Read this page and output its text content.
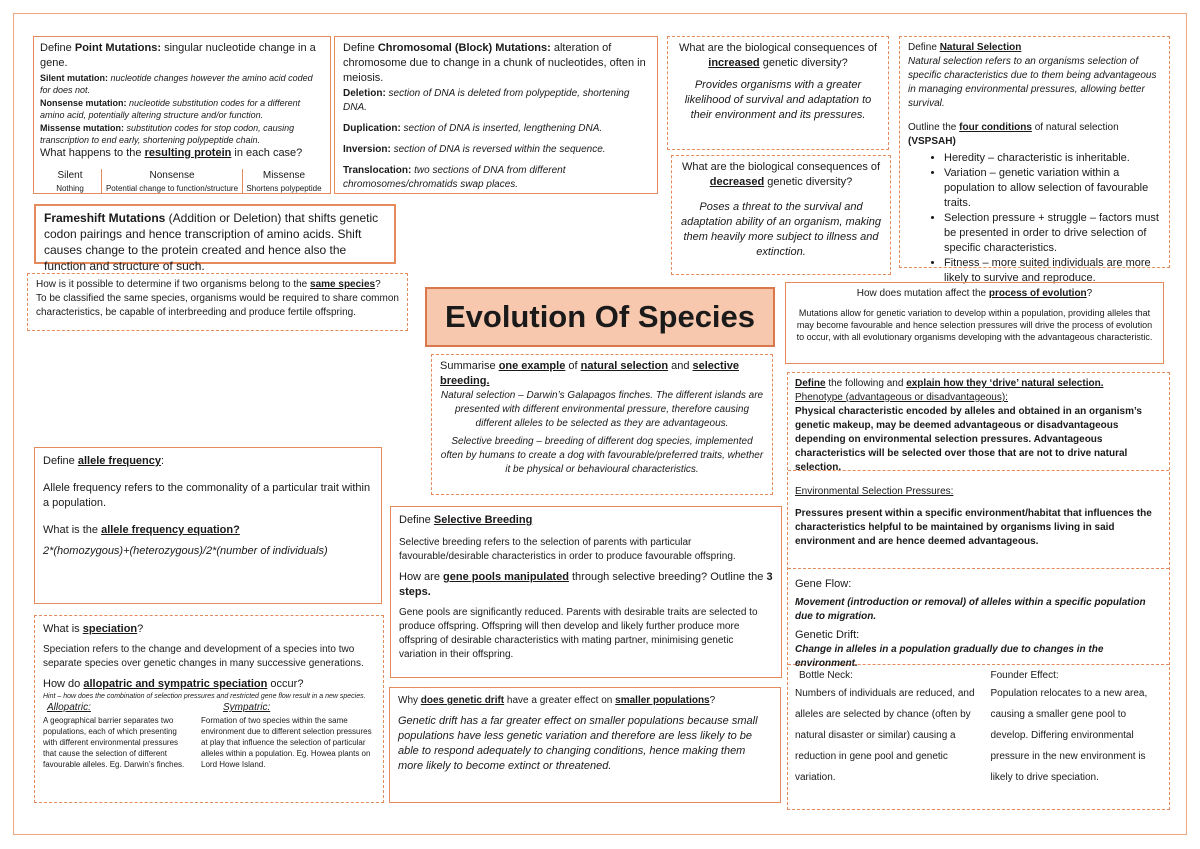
Define Point Mutations: singular nucleotide change in a gene.

Silent mutation: nucleotide changes however the amino acid coded for does not.

Nonsense mutation: nucleotide substitution codes for a different amino acid, potentially altering structure and/or function.

Missense mutation: substitution codes for stop codon, causing transcription to end early, shortening polypeptide chain.

What happens to the resulting protein in each case?

Silent

Nothing

Nonsense

Potential change to function/structure

Missense

Shortens polypeptide

Define Chromosomal (Block) Mutations: alteration of chromosome due to change in a chunk of nucleotides, often in meiosis.

Deletion: section of DNA is deleted from polypeptide, shortening DNA.

Duplication: section of DNA is inserted, lengthening DNA.

Inversion: section of DNA is reversed within the sequence.

Translocation: two sections of DNA from different chromosomes/chromatids swap places.

What are the biological consequences of increased genetic diversity?

Provides organisms with a greater likelihood of survival and adaptation to their environment and its pressures.

What are the biological consequences of decreased genetic diversity?

Poses a threat to the survival and adaptation ability of an organism, making them heavily more subject to illness and extinction.

Define Natural Selection

Natural selection refers to an organisms selection of specific characteristics due to them being advantageous in managing environmental pressures, allowing better survival.

Outline the four conditions of natural selection (VSPSAH)

• Heredity – characteristic is inheritable.
• Variation – genetic variation within a population to allow selection of favourable traits.
• Selection pressure + struggle – factors must be presented in order to drive selection of specific characteristics.
• Fitness – more suited individuals are more likely to survive and reproduce.

Frameshift Mutations (Addition or Deletion) that shifts genetic codon pairings and hence transcription of amino acids. Shift causes change to the protein created and hence also the function and structure of such.

How is it possible to determine if two organisms belong to the same species?

To be classified the same species, organisms would be required to share common characteristics, be capable of interbreeding and produce fertile offspring.	Evolution Of Species

How does mutation affect the process of evolution?

Mutations allow for genetic variation to develop within a population, providing alleles that may become favourable and hence selection pressures will drive the process of evolution to occur, with all evolutionary organisms developing with the advantageous characteristic.

Summarise one example of natural selection and selective breeding.

Natural selection – Darwin’s Galapagos finches. The different islands are presented with different environmental pressure, therefore causing different alleles to be selected as they are advantageous.

Selective breeding – breeding of different dog species, implemented often by humans to create a dog with favourable/preferred traits, whether it be physical or behavioural characteristics.

Define the following and explain how they ‘drive’ natural selection.

Phenotype (advantageous or disadvantageous):

Physical characteristic encoded by alleles and obtained in an organism’s genetic makeup, may be deemed advantageous or disadvantageous depending on environmental selection pressures. Advantageous characteristics will be selected over those that are not to drive natural selection.

Environmental Selection Pressures:

Pressures present within a specific environment/habitat that influences the characteristics helpful to be maintained by organisms living in said environment and are hence deemed advantageous.

Gene Flow:

Movement (introduction or removal) of alleles within a specific population due to migration.

Genetic Drift:

Change in alleles in a population gradually due to changes in the environment.

Bottle Neck:

Numbers of individuals are reduced, and alleles are selected by chance (often by natural disaster or similar) causing a reduction in gene pool and genetic variation.

Founder Effect:

Population relocates to a new area, causing a smaller gene pool to develop. Differing environmental pressure in the new environment is likely to drive speciation.

Define allele frequency:

Allele frequency refers to the commonality of a particular trait within a population.

What is the allele frequency equation?

2*(homozygous)+(heterozygous)/2*(number of individuals)

Define Selective Breeding

Selective breeding refers to the selection of parents with particular favourable/desirable characteristics in order to produce favourable offspring.

How are gene pools manipulated through selective breeding? Outline the 3 steps.

Gene pools are significantly reduced. Parents with desirable traits are selected to produce offspring. Offspring will then develop and likely further produce more offspring of desirable characteristics with mating partner, minimising genetic variation in their offspring.

What is speciation?

Speciation refers to the change and development of a species into two separate species over genetic changes in many successive generations.

How do allopatric and sympatric speciation occur?

Hint – how does the combination of selection pressures and restricted gene flow result in a new species.

Allopatric:

A geographical barrier separates two populations, each of which presenting with different environmental pressures that cause the selection of different favourable alleles. Eg. Darwin’s finches.

Sympatric:

Formation of two species within the same environment due to different selection pressures at play that influence the selection of particular alleles within a population. Eg. Howea plants on Lord Howe Island.

Why does genetic drift have a greater effect on smaller populations?

Genetic drift has a far greater effect on smaller populations because small populations have less genetic variation and therefore are less likely to be able to respond adequately to changing conditions, hence making them more likely to become extinct or threatened.
